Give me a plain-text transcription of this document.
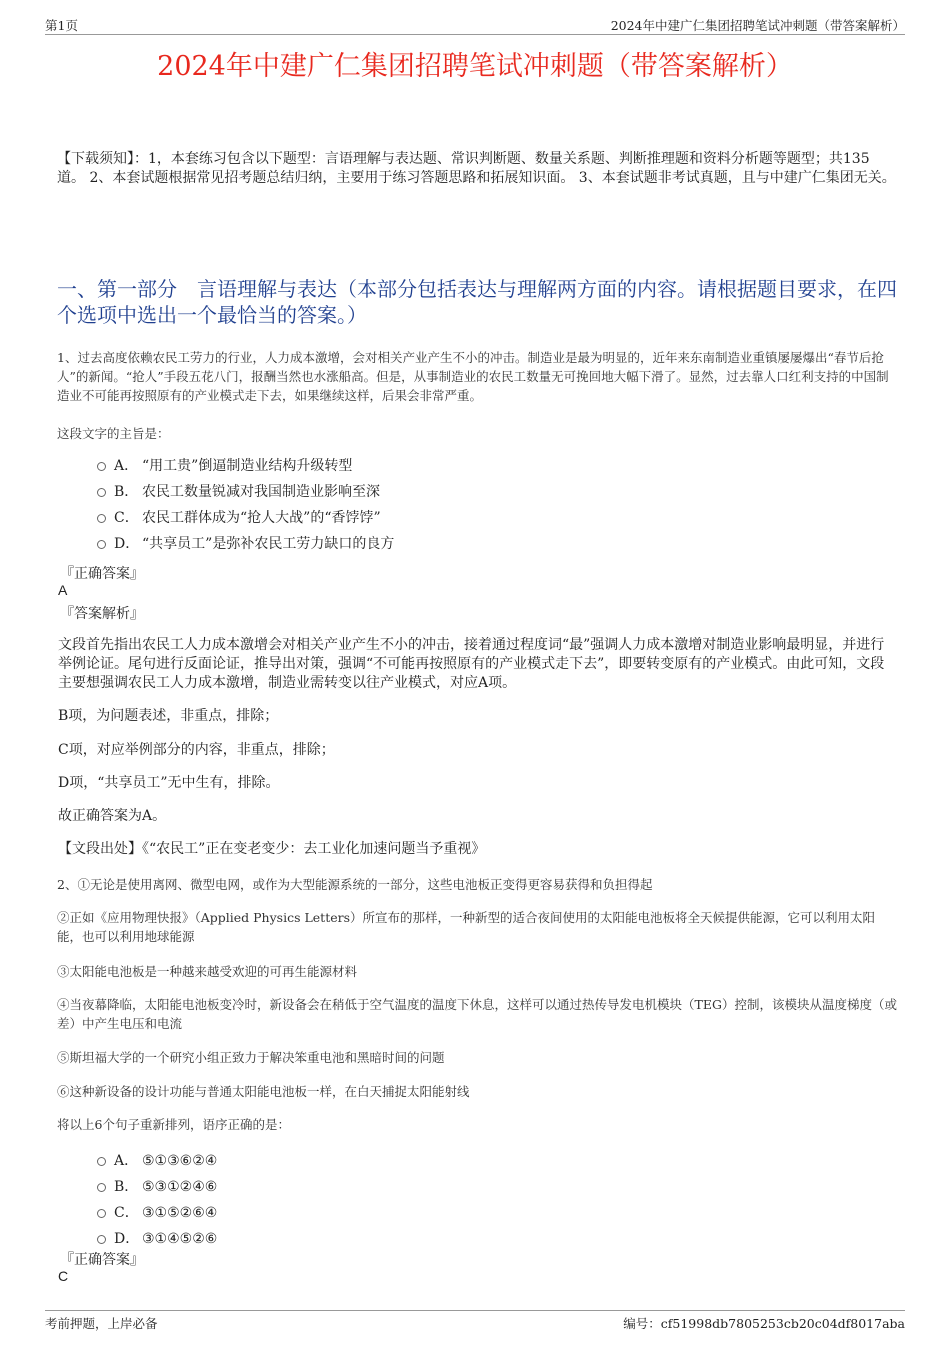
第1页	2024年中建广仁集团招聘笔试冲刺题（带答案解析）
2024年中建广仁集团招聘笔试冲刺题（带答案解析）
【下载须知】：1，本套练习包含以下题型：言语理解与表达题、常识判断题、数量关系题、判断推理题和资料分析题等题型；共135道。 2、本套试题根据常见招考题总结归纳，主要用于练习答题思路和拓展知识面。 3、本套试题非考试真题，且与中建广仁集团无关。
一、第一部分　言语理解与表达（本部分包括表达与理解两方面的内容。请根据题目要求，在四个选项中选出一个最恰当的答案。）
1、过去高度依赖农民工劳力的行业，人力成本激增，会对相关产业产生不小的冲击。制造业是最为明显的，近年来东南制造业重镇屡屡爆出“春节后抢人”的新闻。“抢人”手段五花八门，报酬当然也水涨船高。但是，从事制造业的农民工数量无可挽回地大幅下滑了。显然，过去靠人口红利支持的中国制造业不可能再按照原有的产业模式走下去，如果继续这样，后果会非常严重。
这段文字的主旨是：
A． “用工贵”倒逼制造业结构升级转型
B． 农民工数量锐减对我国制造业影响至深
C． 农民工群体成为“抢人大战”的“香饽饽”
D． “共享员工”是弥补农民工劳力缺口的良方
『正确答案』
A
『答案解析』
文段首先指出农民工人力成本激增会对相关产业产生不小的冲击，接着通过程度词“最”强调人力成本激增对制造业影响最明显，并进行举例论证。尾句进行反面论证，推导出对策，强调“不可能再按照原有的产业模式走下去”，即要转变原有的产业模式。由此可知，文段主要想强调农民工人力成本激增，制造业需转变以往产业模式，对应A项。
B项，为问题表述，非重点，排除；
C项，对应举例部分的内容，非重点，排除；
D项，“共享员工”无中生有，排除。
故正确答案为A。
【文段出处】《“农民工”正在变老变少：去工业化加速问题当予重视》
2、①无论是使用离网、微型电网，或作为大型能源系统的一部分，这些电池板正变得更容易获得和负担得起
②正如《应用物理快报》（Applied Physics Letters）所宣布的那样，一种新型的适合夜间使用的太阳能电池板将全天候提供能源，它可以利用太阳能，也可以利用地球能源
③太阳能电池板是一种越来越受欢迎的可再生能源材料
④当夜幕降临，太阳能电池板变冷时，新设备会在稍低于空气温度的温度下休息，这样可以通过热传导发电机模块（TEG）控制，该模块从温度梯度（或差）中产生电压和电流
⑤斯坦福大学的一个研究小组正致力于解决笨重电池和黑暗时间的问题
⑥这种新设备的设计功能与普通太阳能电池板一样，在白天捕捉太阳能射线
将以上6个句子重新排列，语序正确的是：
A． ⑤①③⑥②④
B． ⑤③①②④⑥
C． ③①⑤②⑥④
D． ③①④⑤②⑥
『正确答案』
C
考前押题，上岸必备	编号：cf51998db7805253cb20c04df8017aba
